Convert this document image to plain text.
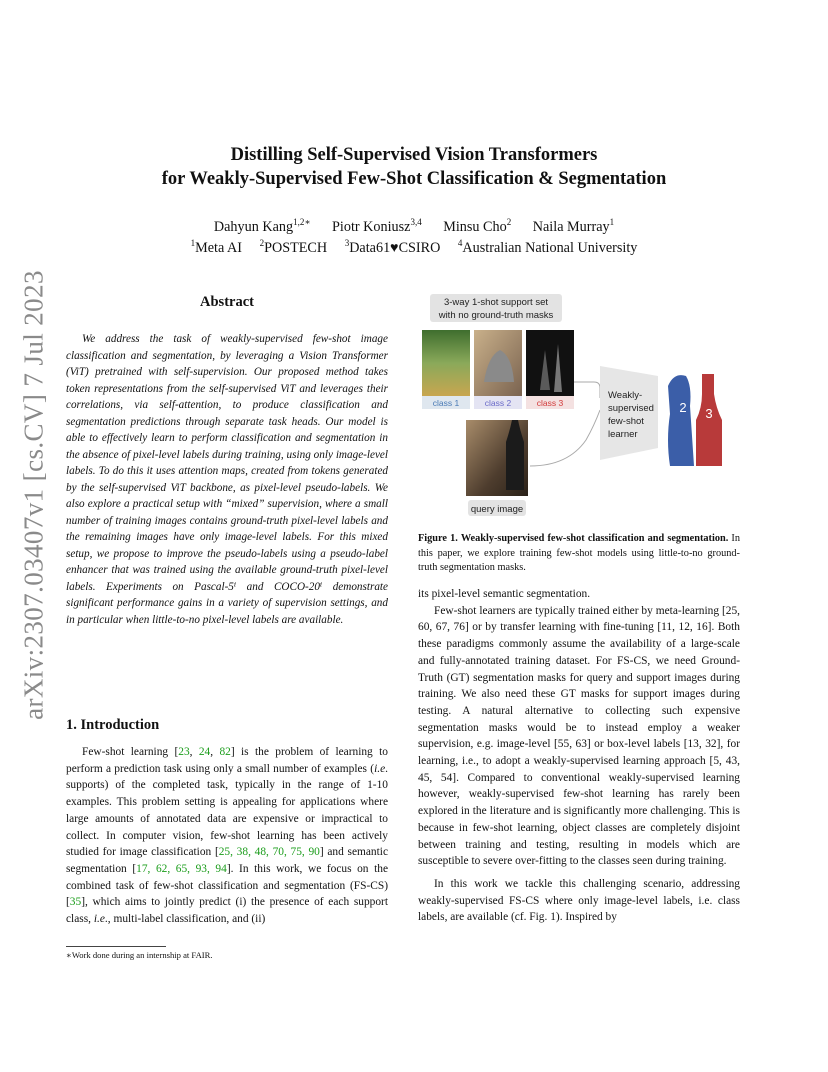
Distilling Self-Supervised Vision Transformers
for Weakly-Supervised Few-Shot Classification & Segmentation
Dahyun Kang$^{1,2∗}$ Piotr Koniusz$^{3,4}$ Minsu Cho$^2$ Naila Murray$^1$
$^1$Meta AI $^2$POSTECH $^3$Data61♥CSIRO $^4$Australian National University
arXiv:2307.03407v1 [cs.CV] 7 Jul 2023	Abstract

We address the task of weakly-supervised few-shot image classification and segmentation, by leveraging a Vision Transformer (ViT) pretrained with self-supervision. Our proposed method takes token representations from the self-supervised ViT and leverages their correlations, via self-attention, to produce classification and segmentation predictions through separate task heads. Our model is able to effectively learn to perform classification and segmentation in the absence of pixel-level labels during training, using only image-level labels. To do this it uses attention maps, created from tokens generated by the self-supervised ViT backbone, as pixel-level pseudo-labels. We also explore a practical setup with “mixed” supervision, where a small number of training images contains ground-truth pixel-level labels and the remaining images have only image-level labels. For this mixed setup, we propose to improve the pseudo-labels using a pseudo-label enhancer that was trained using the available ground-truth pixel-level labels. Experiments on Pascal-5ⁱ and COCO-20ⁱ demonstrate significant performance gains in a variety of supervision settings, and in particular when little-to-no pixel-level labels are available.

1. Introduction

Few-shot learning [23, 24, 82] is the problem of learning to perform a prediction task using only a small number of examples (i.e. supports) of the completed task, typically in the range of 1-10 examples. This problem setting is appealing for applications where large amounts of annotated data are expensive or impractical to collect. In computer vision, few-shot learning has been actively studied for image classification [25, 38, 48, 70, 75, 90] and semantic segmentation [17, 62, 65, 93, 94]. In this work, we focus on the combined task of few-shot classification and segmentation (FS-CS) [35], which aims to jointly predict (i) the presence of each support class, i.e., multi-label classification, and (ii)

∗Work done during an internship at FAIR.
3-way 1-shot support set
with no ground-truth masks
class 1	class 2	class 3
query image
Weakly-
supervised
few-shot
learner
2 3
Figure 1. Weakly-supervised few-shot classification and segmentation. In this paper, we explore training few-shot models using little-to-no ground-truth segmentation masks.

its pixel-level semantic segmentation.

Few-shot learners are typically trained either by meta-learning [25, 60, 67, 76] or by transfer learning with fine-tuning [11, 12, 16]. Both these paradigms commonly assume the availability of a large-scale and fully-annotated training dataset. For FS-CS, we need Ground-Truth (GT) segmentation masks for query and support images during training. We also need these GT masks for support images during testing. A natural alternative to collecting such expensive segmentation masks would be to instead employ a weaker supervision, e.g. image-level [55, 63] or box-level labels [13, 32], for learning, i.e., to adopt a weakly-supervised learning approach [5, 43, 45, 54]. Compared to conventional weakly-supervised learning however, weakly-supervised few-shot learning has rarely been explored in the literature and is significantly more challenging. This is because in few-shot learning, object classes are completely disjoint between training and testing, resulting in models which are susceptible to severe over-fitting to the classes seen during training.

In this work we tackle this challenging scenario, addressing weakly-supervised FS-CS where only image-level labels, i.e. class labels, are available (cf. Fig. 1). Inspired by
